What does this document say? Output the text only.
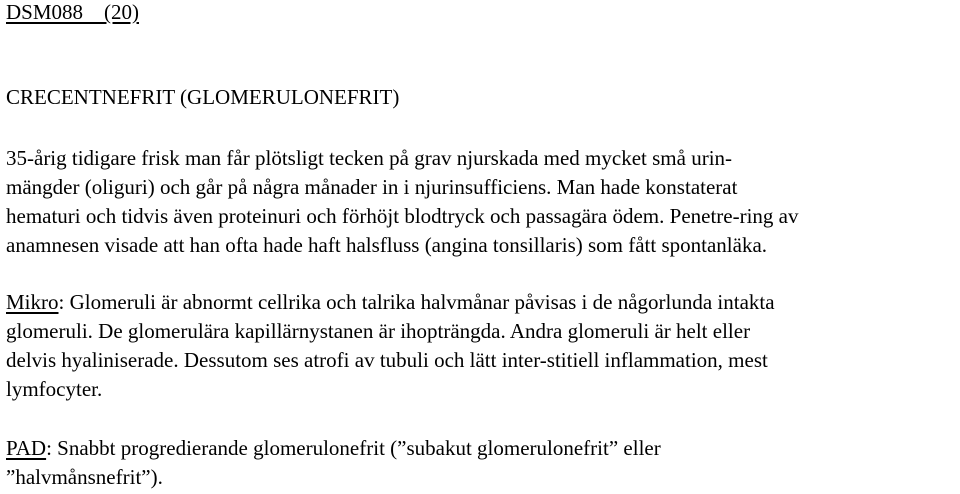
DSM088    (20)
CRECENTNEFRIT (GLOMERULONEFRIT)
35-årig tidigare frisk man får plötsligt tecken på grav njurskada med mycket små urin-
mängder (oliguri) och går på några månader in i njurinsufficiens. Man hade konstaterat
hematuri och tidvis även proteinuri och förhöjt blodtryck och passagära ödem. Penetre-ring av
anamnesen visade att han ofta hade haft halsfluss (angina tonsillaris) som fått spontanläka.
Mikro: Glomeruli är abnormt cellrika och talrika halvmånar påvisas i de någorlunda intakta
glomeruli. De glomerulära kapillärnystanen är ihopträngda. Andra glomeruli är helt eller
delvis hyaliniserade. Dessutom ses atrofi av tubuli och lätt inter-stitiell inflammation, mest
lymfocyter.
PAD: Snabbt progredierande glomerulonefrit (”subakut glomerulonefrit” eller
”halvmånsnefrit”).
